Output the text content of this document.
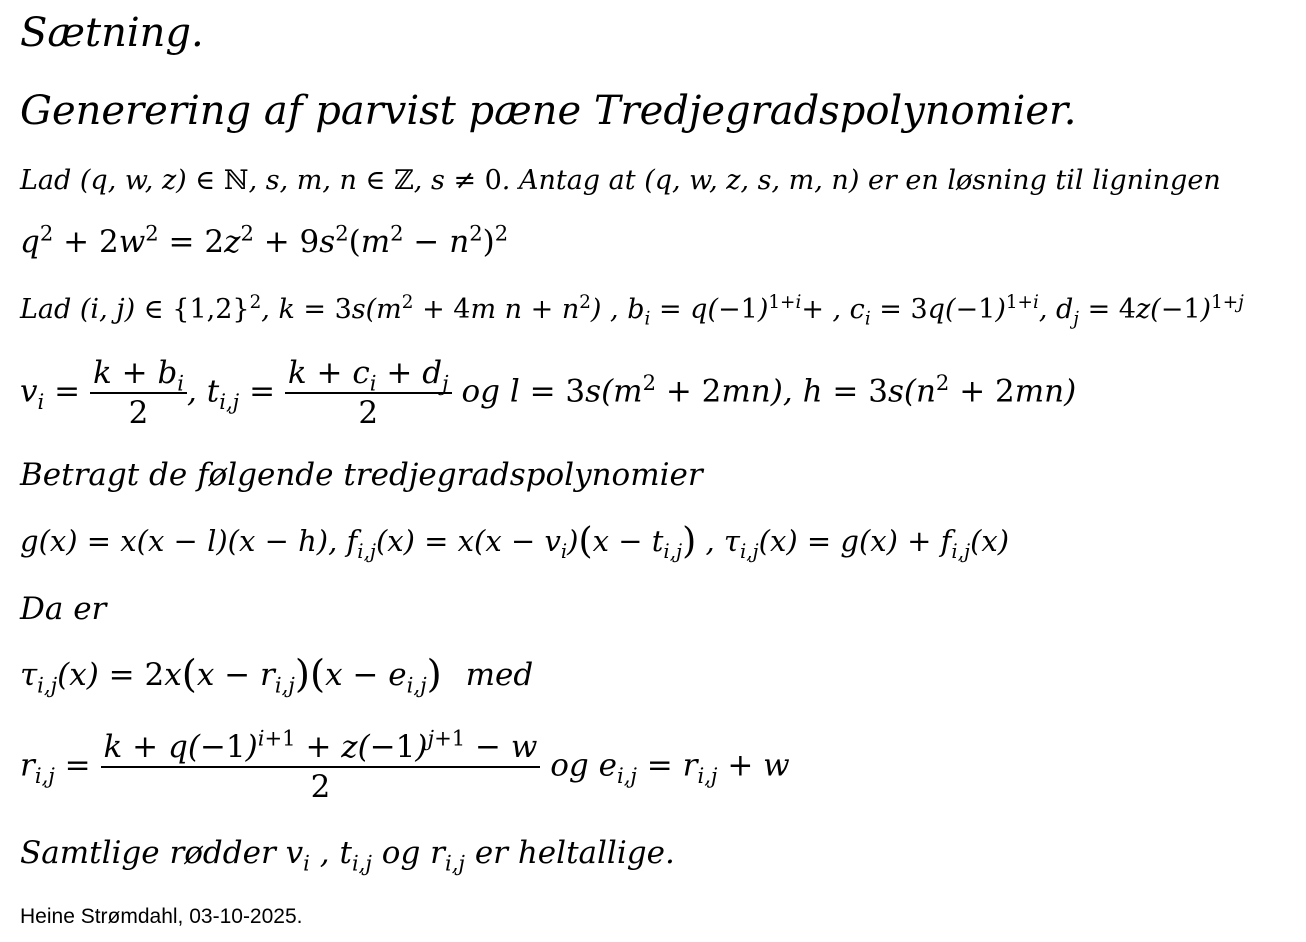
Sætning.
Generering af parvist pæne Tredjegradspolynomier.
Lad (q, w, z) ∈ ℕ, s, m, n ∈ ℤ, s ≠ 0. Antag at (q, w, z, s, m, n) er en løsning til ligningen
$q^2 + 2w^2 = 2z^2 + 9s^2(m^2 - n^2)^2$
Lad (i, j) ∈ $\{1,2\}^2$, $k = 3s(m^2 + 4m$ $n + n^2$) , $b_i = q(-1)^{1+i}+$ , $c_i = 3q(-1)^{1+i}$, $d_j = 4z(-1)^{1+j}$
$v_i = \frac{k + b_i}{2}$ , $t_{i,j} = \frac{k + c_i + d_j}{2}$ og $l = 3s(m^2 + 2mn)$, $h = 3s(n^2 + 2mn)$
Betragt de følgende tredjegradspolynomier
g(x) = x(x − l)(x − h), $f_{i,j}(x) = x(x - v_i)(x - t_{i,j})$ , $\tau_{i,j}(x) = g(x) + f_{i,j}(x)$
Da er
$\tau_{i,j}(x) = 2x(x - r_{i,j})(x - e_{i,j})$ med
$r_{i,j} = \frac{k + q(-1)^{i+1} + z(-1)^{j+1} - w}{2}$ og $e_{i,j} = r_{i,j} + w$
Samtlige rødder $v_i$ , $t_{i,j}$ og $r_{i,j}$ er heltallige.
Heine Strømdahl, 03-10-2025.
